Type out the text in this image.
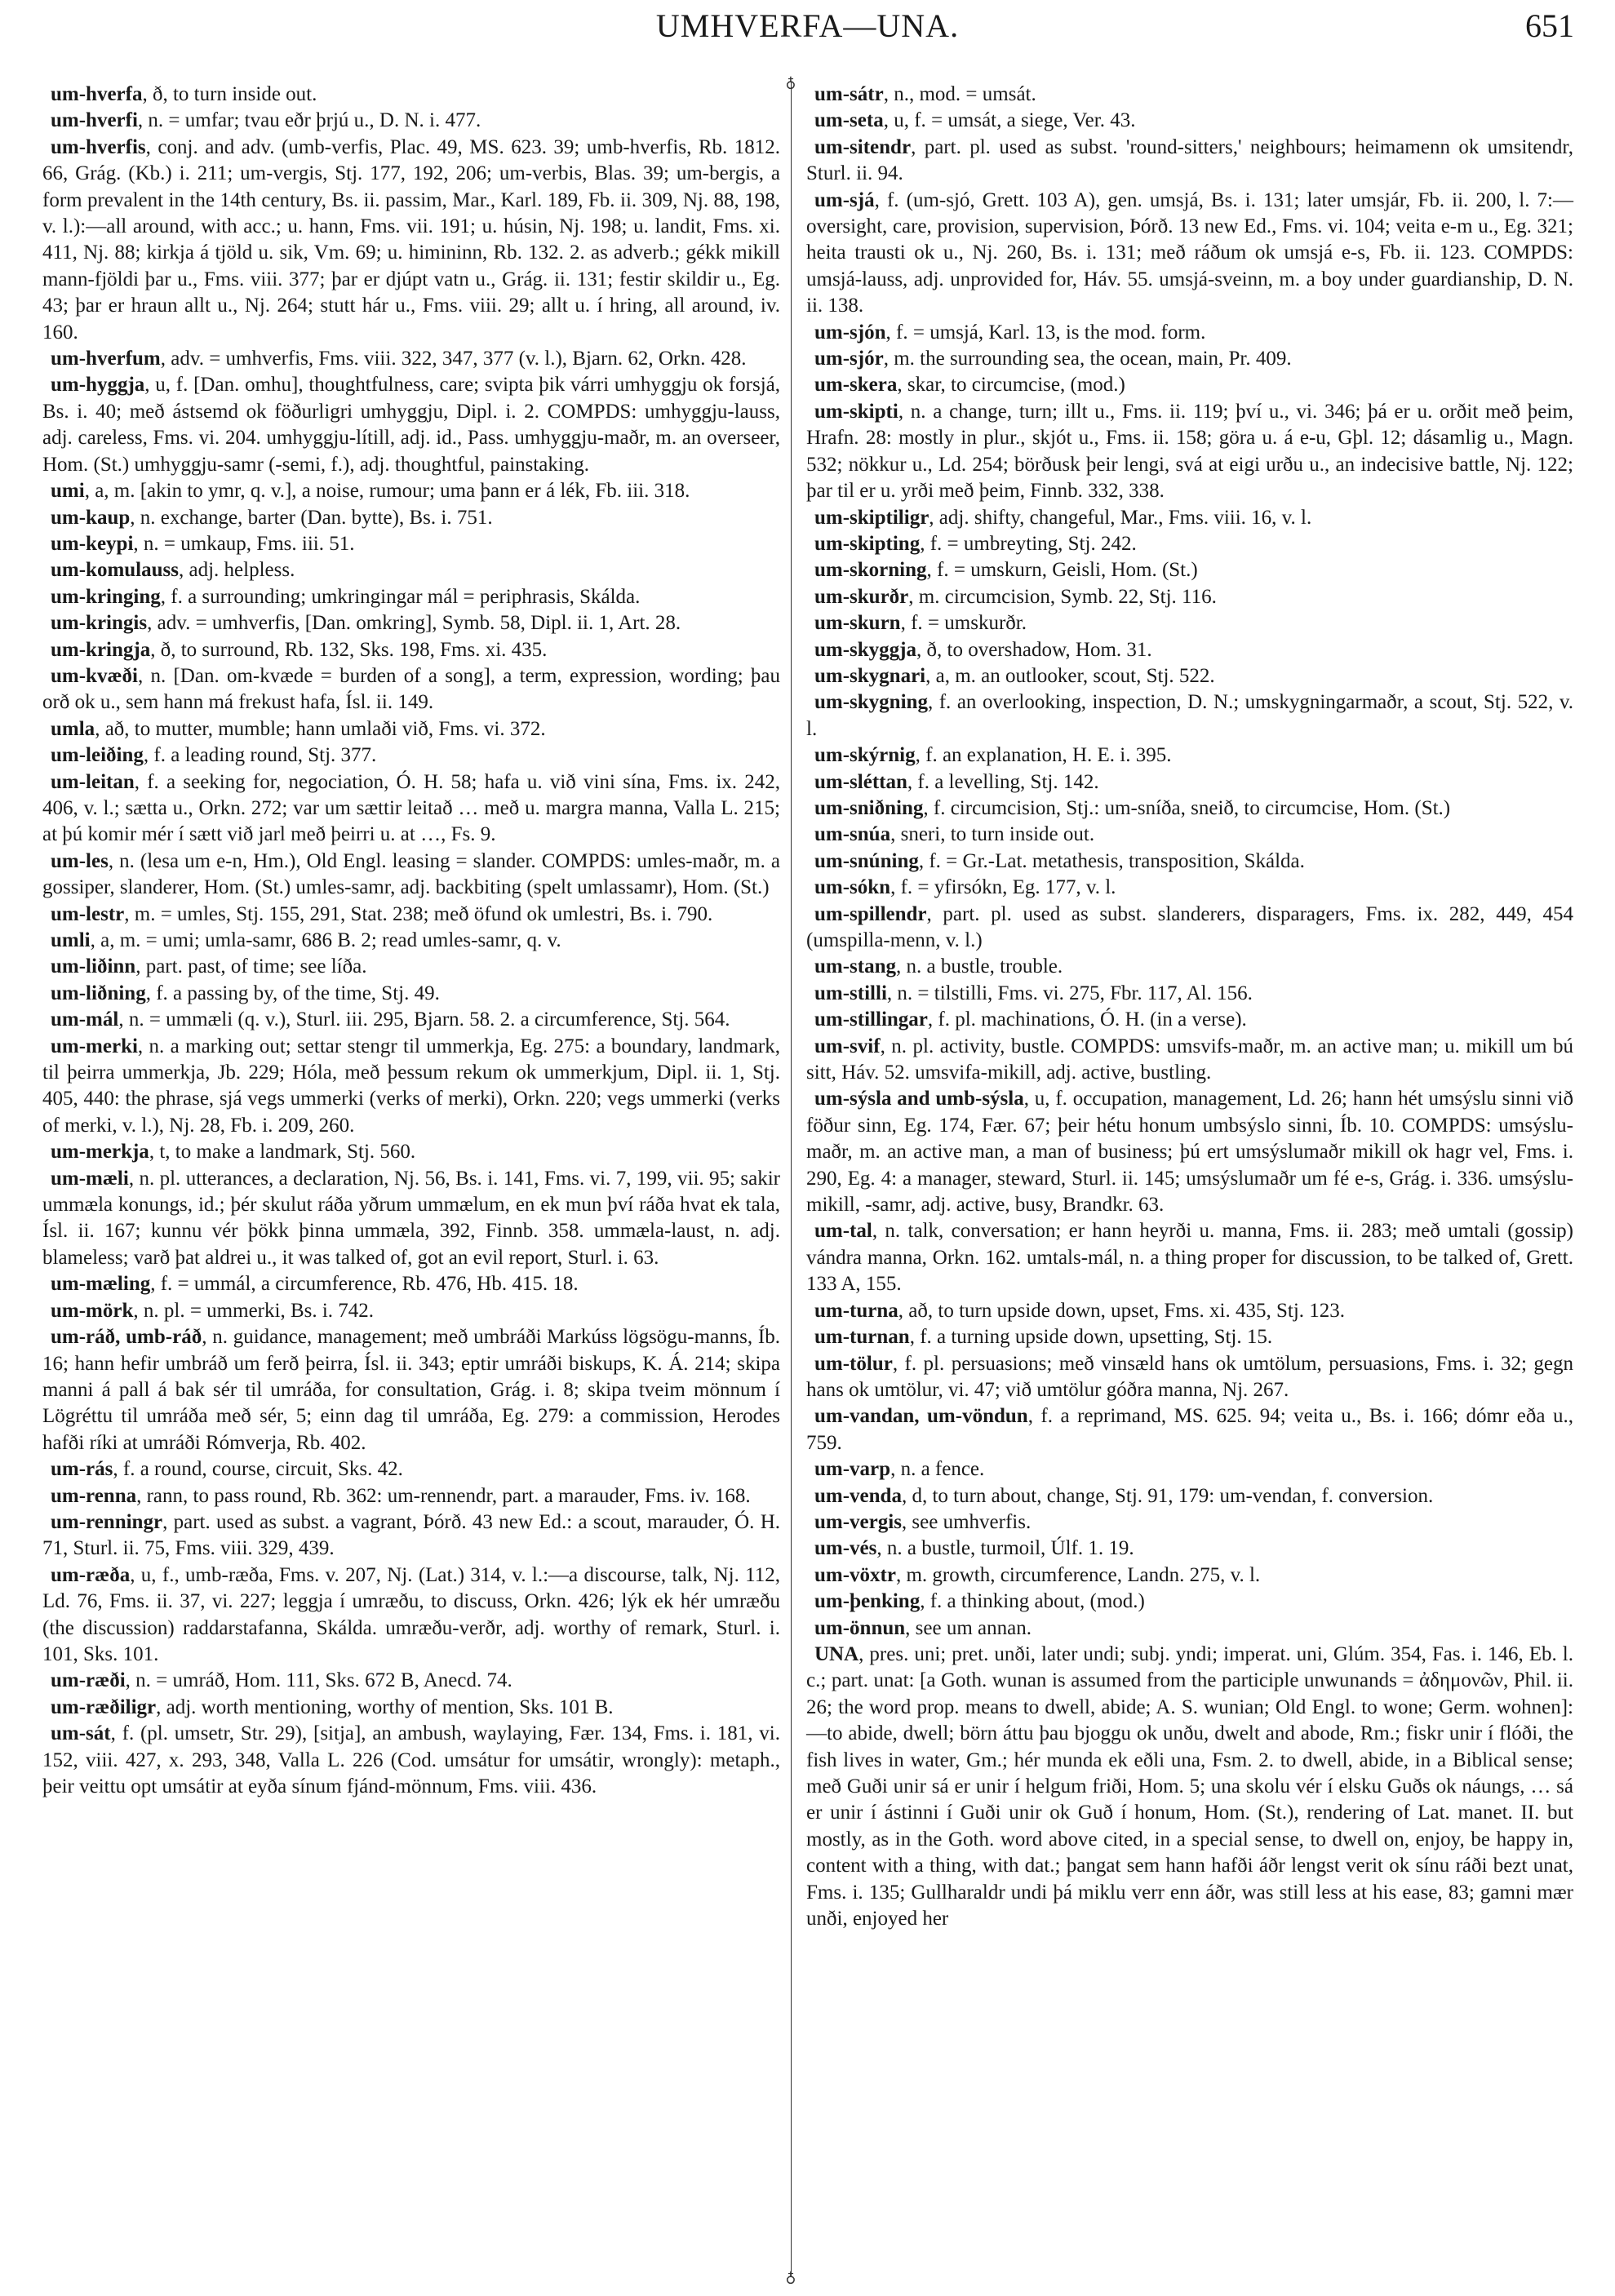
UMHVERFA—UNA.	651

um-hverfa, ð, to turn inside out.

um-hverfi, n. = umfar; tvau eðr þrjú u., D. N. i. 477.

um-hverfis, conj. and adv. (umb-verfis, Plac. 49, MS. 623. 39; umb-hverfis, Rb. 1812. 66, Grág. (Kb.) i. 211; um-vergis, Stj. 177, 192, 206; um-verbis, Blas. 39; um-bergis, a form prevalent in the 14th century, Bs. ii. passim, Mar., Karl. 189, Fb. ii. 309, Nj. 88, 198, v. l.):—all around, with acc.; u. hann, Fms. vii. 191; u. húsin, Nj. 198; u. landit, Fms. xi. 411, Nj. 88; kirkja á tjöld u. sik, Vm. 69; u. himininn, Rb. 132. 2. as adverb.; gékk mikill mann-fjöldi þar u., Fms. viii. 377; þar er djúpt vatn u., Grág. ii. 131; festir skildir u., Eg. 43; þar er hraun allt u., Nj. 264; stutt hár u., Fms. viii. 29; allt u. í hring, all around, iv. 160.

um-hverfum, adv. = umhverfis, Fms. viii. 322, 347, 377 (v. l.), Bjarn. 62, Orkn. 428.

um-hyggja, u, f. [Dan. omhu], thoughtfulness, care; svipta þik várri umhyggju ok forsjá, Bs. i. 40; með ástsemd ok föðurligri umhyggju, Dipl. i. 2. COMPDS: umhyggju-lauss, adj. careless, Fms. vi. 204. umhyggju-lítill, adj. id., Pass. umhyggju-maðr, m. an overseer, Hom. (St.) umhyggju-samr (-semi, f.), adj. thoughtful, painstaking.

umi, a, m. [akin to ymr, q. v.], a noise, rumour; uma þann er á lék, Fb. iii. 318.

um-kaup, n. exchange, barter (Dan. bytte), Bs. i. 751.

um-keypi, n. = umkaup, Fms. iii. 51.

um-komulauss, adj. helpless.

um-kringing, f. a surrounding; umkringingar mál = periphrasis, Skálda.

um-kringis, adv. = umhverfis, [Dan. omkring], Symb. 58, Dipl. ii. 1, Art. 28.

um-kringja, ð, to surround, Rb. 132, Sks. 198, Fms. xi. 435.

um-kvæði, n. [Dan. om-kvæde = burden of a song], a term, expression, wording; þau orð ok u., sem hann má frekust hafa, Ísl. ii. 149.

umla, að, to mutter, mumble; hann umlaði við, Fms. vi. 372.

um-leiðing, f. a leading round, Stj. 377.

um-leitan, f. a seeking for, negociation, Ó. H. 58; hafa u. við vini sína, Fms. ix. 242, 406, v. l.; sætta u., Orkn. 272; var um sættir leitað … með u. margra manna, Valla L. 215; at þú komir mér í sætt við jarl með þeirri u. at …, Fs. 9.

um-les, n. (lesa um e-n, Hm.), Old Engl. leasing = slander. COMPDS: umles-maðr, m. a gossiper, slanderer, Hom. (St.) umles-samr, adj. backbiting (spelt umlassamr), Hom. (St.)

um-lestr, m. = umles, Stj. 155, 291, Stat. 238; með öfund ok umlestri, Bs. i. 790.

umli, a, m. = umi; umla-samr, 686 B. 2; read umles-samr, q. v.

um-liðinn, part. past, of time; see líða.

um-liðning, f. a passing by, of the time, Stj. 49.

um-mál, n. = ummæli (q. v.), Sturl. iii. 295, Bjarn. 58. 2. a circumference, Stj. 564.

um-merki, n. a marking out; settar stengr til ummerkja, Eg. 275: a boundary, landmark, til þeirra ummerkja, Jb. 229; Hóla, með þessum rekum ok ummerkjum, Dipl. ii. 1, Stj. 405, 440: the phrase, sjá vegs ummerki (verks of merki), Orkn. 220; vegs ummerki (verks of merki, v. l.), Nj. 28, Fb. i. 209, 260.

um-merkja, t, to make a landmark, Stj. 560.

um-mæli, n. pl. utterances, a declaration, Nj. 56, Bs. i. 141, Fms. vi. 7, 199, vii. 95; sakir ummæla konungs, id.; þér skulut ráða yðrum ummælum, en ek mun því ráða hvat ek tala, Ísl. ii. 167; kunnu vér þökk þinna ummæla, 392, Finnb. 358. ummæla-laust, n. adj. blameless; varð þat aldrei u., it was talked of, got an evil report, Sturl. i. 63.

um-mæling, f. = ummál, a circumference, Rb. 476, Hb. 415. 18.

um-mörk, n. pl. = ummerki, Bs. i. 742.

um-ráð, umb-ráð, n. guidance, management; með umbráði Markúss lögsögu-manns, Íb. 16; hann hefir umbráð um ferð þeirra, Ísl. ii. 343; eptir umráði biskups, K. Á. 214; skipa manni á pall á bak sér til umráða, for consultation, Grág. i. 8; skipa tveim mönnum í Lögréttu til umráða með sér, 5; einn dag til umráða, Eg. 279: a commission, Herodes hafði ríki at umráði Rómverja, Rb. 402.

um-rás, f. a round, course, circuit, Sks. 42.

um-renna, rann, to pass round, Rb. 362: um-rennendr, part. a marauder, Fms. iv. 168.

um-renningr, part. used as subst. a vagrant, Þórð. 43 new Ed.: a scout, marauder, Ó. H. 71, Sturl. ii. 75, Fms. viii. 329, 439.

um-ræða, u, f., umb-ræða, Fms. v. 207, Nj. (Lat.) 314, v. l.:—a discourse, talk, Nj. 112, Ld. 76, Fms. ii. 37, vi. 227; leggja í umræðu, to discuss, Orkn. 426; lýk ek hér umræðu (the discussion) raddarstafanna, Skálda. umræðu-verðr, adj. worthy of remark, Sturl. i. 101, Sks. 101.

um-ræði, n. = umráð, Hom. 111, Sks. 672 B, Anecd. 74.

um-ræðiligr, adj. worth mentioning, worthy of mention, Sks. 101 B.

um-sát, f. (pl. umsetr, Str. 29), [sitja], an ambush, waylaying, Fær. 134, Fms. i. 181, vi. 152, viii. 427, x. 293, 348, Valla L. 226 (Cod. umsátur for umsátir, wrongly): metaph., þeir veittu opt umsátir at eyða sínum fjánd-mönnum, Fms. viii. 436.

♁
♁

um-sátr, n., mod. = umsát.

um-seta, u, f. = umsát, a siege, Ver. 43.

um-sitendr, part. pl. used as subst. 'round-sitters,' neighbours; heimamenn ok umsitendr, Sturl. ii. 94.

um-sjá, f. (um-sjó, Grett. 103 A), gen. umsjá, Bs. i. 131; later umsjár, Fb. ii. 200, l. 7:—oversight, care, provision, supervision, Þórð. 13 new Ed., Fms. vi. 104; veita e-m u., Eg. 321; heita trausti ok u., Nj. 260, Bs. i. 131; með ráðum ok umsjá e-s, Fb. ii. 123. COMPDS: umsjá-lauss, adj. unprovided for, Háv. 55. umsjá-sveinn, m. a boy under guardianship, D. N. ii. 138.

um-sjón, f. = umsjá, Karl. 13, is the mod. form.

um-sjór, m. the surrounding sea, the ocean, main, Pr. 409.

um-skera, skar, to circumcise, (mod.)

um-skipti, n. a change, turn; illt u., Fms. ii. 119; því u., vi. 346; þá er u. orðit með þeim, Hrafn. 28: mostly in plur., skjót u., Fms. ii. 158; göra u. á e-u, Gþl. 12; dásamlig u., Magn. 532; nökkur u., Ld. 254; börðusk þeir lengi, svá at eigi urðu u., an indecisive battle, Nj. 122; þar til er u. yrði með þeim, Finnb. 332, 338.

um-skiptiligr, adj. shifty, changeful, Mar., Fms. viii. 16, v. l.

um-skipting, f. = umbreyting, Stj. 242.

um-skorning, f. = umskurn, Geisli, Hom. (St.)

um-skurðr, m. circumcision, Symb. 22, Stj. 116.

um-skurn, f. = umskurðr.

um-skyggja, ð, to overshadow, Hom. 31.

um-skygnari, a, m. an outlooker, scout, Stj. 522.

um-skygning, f. an overlooking, inspection, D. N.; umskygningarmaðr, a scout, Stj. 522, v. l.

um-skýrnig, f. an explanation, H. E. i. 395.

um-sléttan, f. a levelling, Stj. 142.

um-sniðning, f. circumcision, Stj.: um-sníða, sneið, to circumcise, Hom. (St.)

um-snúa, sneri, to turn inside out.

um-snúning, f. = Gr.-Lat. metathesis, transposition, Skálda.

um-sókn, f. = yfirsókn, Eg. 177, v. l.

um-spillendr, part. pl. used as subst. slanderers, disparagers, Fms. ix. 282, 449, 454 (umspilla-menn, v. l.)

um-stang, n. a bustle, trouble.

um-stilli, n. = tilstilli, Fms. vi. 275, Fbr. 117, Al. 156.

um-stillingar, f. pl. machinations, Ó. H. (in a verse).

um-svif, n. pl. activity, bustle. COMPDS: umsvifs-maðr, m. an active man; u. mikill um bú sitt, Háv. 52. umsvifa-mikill, adj. active, bustling.

um-sýsla and umb-sýsla, u, f. occupation, management, Ld. 26; hann hét umsýslu sinni við föður sinn, Eg. 174, Fær. 67; þeir hétu honum umbsýslo sinni, Íb. 10. COMPDS: umsýslu-maðr, m. an active man, a man of business; þú ert umsýslumaðr mikill ok hagr vel, Fms. i. 290, Eg. 4: a manager, steward, Sturl. ii. 145; umsýslumaðr um fé e-s, Grág. i. 336. umsýslu-mikill, -samr, adj. active, busy, Brandkr. 63.

um-tal, n. talk, conversation; er hann heyrði u. manna, Fms. ii. 283; með umtali (gossip) vándra manna, Orkn. 162. umtals-mál, n. a thing proper for discussion, to be talked of, Grett. 133 A, 155.

um-turna, að, to turn upside down, upset, Fms. xi. 435, Stj. 123.

um-turnan, f. a turning upside down, upsetting, Stj. 15.

um-tölur, f. pl. persuasions; með vinsæld hans ok umtölum, persuasions, Fms. i. 32; gegn hans ok umtölur, vi. 47; við umtölur góðra manna, Nj. 267.

um-vandan, um-vöndun, f. a reprimand, MS. 625. 94; veita u., Bs. i. 166; dómr eða u., 759.

um-varp, n. a fence.

um-venda, d, to turn about, change, Stj. 91, 179: um-vendan, f. conversion.

um-vergis, see umhverfis.

um-vés, n. a bustle, turmoil, Úlf. 1. 19.

um-vöxtr, m. growth, circumference, Landn. 275, v. l.

um-þenking, f. a thinking about, (mod.)

um-önnun, see um annan.

UNA, pres. uni; pret. unði, later undi; subj. yndi; imperat. uni, Glúm. 354, Fas. i. 146, Eb. l. c.; part. unat: [a Goth. wunan is assumed from the participle unwunands = ἀδημονῶν, Phil. ii. 26; the word prop. means to dwell, abide; A. S. wunian; Old Engl. to wone; Germ. wohnen]:—to abide, dwell; börn áttu þau bjoggu ok unðu, dwelt and abode, Rm.; fiskr unir í flóði, the fish lives in water, Gm.; hér munda ek eðli una, Fsm. 2. to dwell, abide, in a Biblical sense; með Guði unir sá er unir í helgum friði, Hom. 5; una skolu vér í elsku Guðs ok náungs, … sá er unir í ástinni í Guði unir ok Guð í honum, Hom. (St.), rendering of Lat. manet. II. but mostly, as in the Goth. word above cited, in a special sense, to dwell on, enjoy, be happy in, content with a thing, with dat.; þangat sem hann hafði áðr lengst verit ok sínu ráði bezt unat, Fms. i. 135; Gullharaldr undi þá miklu verr enn áðr, was still less at his ease, 83; gamni mær unði, enjoyed her
